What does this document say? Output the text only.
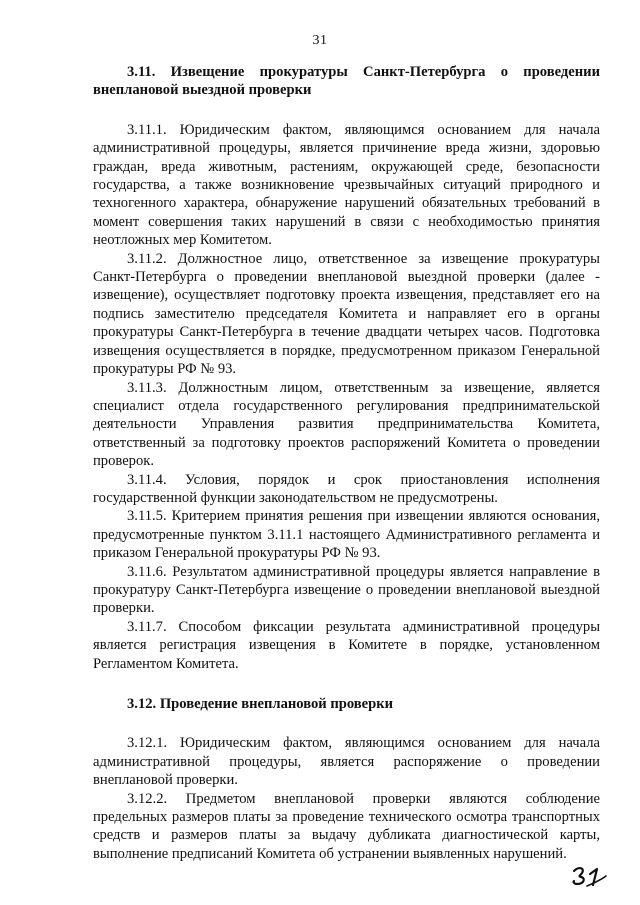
31

3.11. Извещение прокуратуры Санкт-Петербурга о проведении внеплановой выездной проверки

3.11.1. Юридическим фактом, являющимся основанием для начала административной процедуры, является причинение вреда жизни, здоровью граждан, вреда животным, растениям, окружающей среде, безопасности государства, а также возникновение чрезвычайных ситуаций природного и техногенного характера, обнаружение нарушений обязательных требований в момент совершения таких нарушений в связи с необходимостью принятия неотложных мер Комитетом.

3.11.2. Должностное лицо, ответственное за извещение прокуратуры Санкт-Петербурга о проведении внеплановой выездной проверки (далее - извещение), осуществляет подготовку проекта извещения, представляет его на подпись заместителю председателя Комитета и направляет его в органы прокуратуры Санкт-Петербурга в течение двадцати четырех часов. Подготовка извещения осуществляется в порядке, предусмотренном приказом Генеральной прокуратуры РФ № 93.

3.11.3. Должностным лицом, ответственным за извещение, является специалист отдела государственного регулирования предпринимательской деятельности Управления развития предпринимательства Комитета, ответственный за подготовку проектов распоряжений Комитета о проведении проверок.

3.11.4. Условия, порядок и срок приостановления исполнения государственной функции законодательством не предусмотрены.

3.11.5. Критерием принятия решения при извещении являются основания, предусмотренные пунктом 3.11.1 настоящего Административного регламента и приказом Генеральной прокуратуры РФ № 93.

3.11.6. Результатом административной процедуры является направление в прокуратуру Санкт-Петербурга извещение о проведении внеплановой выездной проверки.

3.11.7. Способом фиксации результата административной процедуры является регистрация извещения в Комитете в порядке, установленном Регламентом Комитета.

3.12. Проведение внеплановой проверки

3.12.1. Юридическим фактом, являющимся основанием для начала административной процедуры, является распоряжение о проведении внеплановой проверки.

3.12.2. Предметом внеплановой проверки являются соблюдение предельных размеров платы за проведение технического осмотра транспортных средств и размеров платы за выдачу дубликата диагностической карты, выполнение предписаний Комитета об устранении выявленных нарушений.
